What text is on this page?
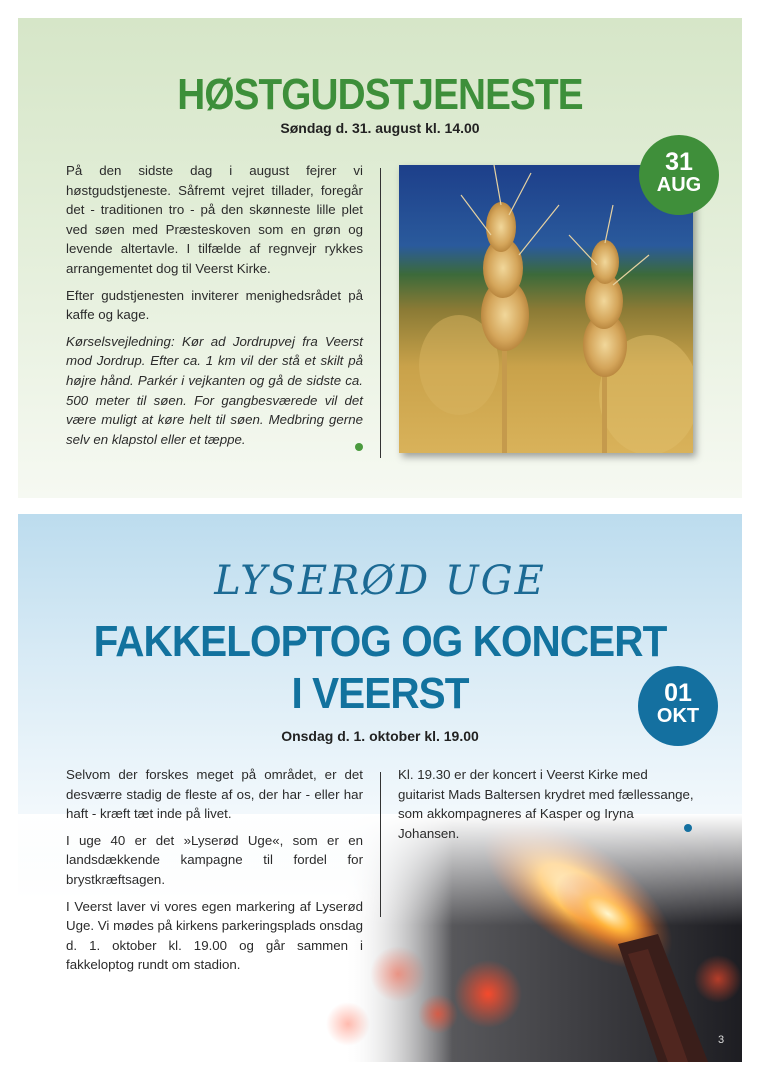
HØSTGUDSTJENESTE
Søndag d. 31. august kl. 14.00

På den sidste dag i august fejrer vi høstgudstjeneste. Såfremt vejret tillader, foregår det - traditionen tro - på den skønneste lille plet ved søen med Præsteskoven som en grøn og levende altertavle. I tilfælde af regnvejr rykkes arrangementet dog til Veerst Kirke.

Efter gudstjenesten inviterer menighedsrådet på kaffe og kage.

Kørselsvejledning: Kør ad Jordrupvej fra Veerst mod Jordrup. Efter ca. 1 km vil der stå et skilt på højre hånd. Parkér i vejkanten og gå de sidste ca. 500 meter til søen. For gangbesværede vil det være muligt at køre helt til søen. Medbring gerne selv en klapstol eller et tæppe.

31
AUG
LYSERØD UGE
FAKKELOPTOG OG KONCERT
I VEERST
Onsdag d. 1. oktober kl. 19.00
01
OKT

Selvom der forskes meget på området, er det desværre stadig de fleste af os, der har - eller har haft - kræft tæt inde på livet.

I uge 40 er det »Lyserød Uge«, som er en landsdækkende kampagne til fordel for brystkræftsagen.

I Veerst laver vi vores egen markering af Lyserød Uge. Vi mødes på kirkens parkeringsplads onsdag d. 1. oktober kl. 19.00 og går sammen i fakkeloptog rundt om stadion.

Kl. 19.30 er der koncert i Veerst Kirke med guitarist Mads Baltersen krydret med fællessange, som akkompagneres af Kasper og Iryna Johansen.

3
